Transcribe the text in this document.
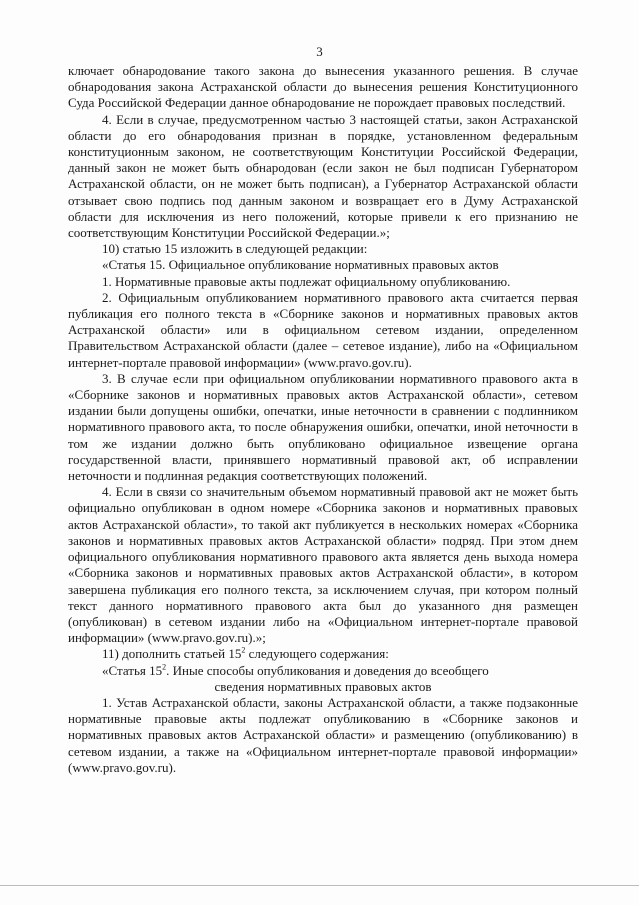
3

ключает обнародование такого закона до вынесения указанного решения. В случае обнародования закона Астраханской области до вынесения решения Конституционного Суда Российской Федерации данное обнародование не порождает правовых последствий.

4. Если в случае, предусмотренном частью 3 настоящей статьи, закон Астраханской области до его обнародования признан в порядке, установленном федеральным конституционным законом, не соответствующим Конституции Российской Федерации, данный закон не может быть обнародован (если закон не был подписан Губернатором Астраханской области, он не может быть подписан), а Губернатор Астраханской области отзывает свою подпись под данным законом и возвращает его в Думу Астраханской области для исключения из него положений, которые привели к его признанию не соответствующим Конституции Российской Федерации.»;

10) статью 15 изложить в следующей редакции:

«Статья 15. Официальное опубликование нормативных правовых актов

1. Нормативные правовые акты подлежат официальному опубликованию.

2. Официальным опубликованием нормативного правового акта считается первая публикация его полного текста в «Сборнике законов и нормативных правовых актов Астраханской области» или в официальном сетевом издании, определенном Правительством Астраханской области (далее – сетевое издание), либо на «Официальном интернет-портале правовой информации» (www.pravo.gov.ru).

3. В случае если при официальном опубликовании нормативного правового акта в «Сборнике законов и нормативных правовых актов Астраханской области», сетевом издании были допущены ошибки, опечатки, иные неточности в сравнении с подлинником нормативного правового акта, то после обнаружения ошибки, опечатки, иной неточности в том же издании должно быть опубликовано официальное извещение органа государственной власти, принявшего нормативный правовой акт, об исправлении неточности и подлинная редакция соответствующих положений.

4. Если в связи со значительным объемом нормативный правовой акт не может быть официально опубликован в одном номере «Сборника законов и нормативных правовых актов Астраханской области», то такой акт публикуется в нескольких номерах «Сборника законов и нормативных правовых актов Астраханской области» подряд. При этом днем официального опубликования нормативного правового акта является день выхода номера «Сборника законов и нормативных правовых актов Астраханской области», в котором завершена публикация его полного текста, за исключением случая, при котором полный текст данного нормативного правового акта был до указанного дня размещен (опубликован) в сетевом издании либо на «Официальном интернет-портале правовой информации» (www.pravo.gov.ru).»;

11) дополнить статьей $15^2$ следующего содержания:

«Статья $15^2$. Иные способы опубликования и доведения до всеобщего

сведения нормативных правовых актов

1. Устав Астраханской области, законы Астраханской области, а также подзаконные нормативные правовые акты подлежат опубликованию в «Сборнике законов и нормативных правовых актов Астраханской области» и размещению (опубликованию) в сетевом издании, а также на «Официальном интернет-портале правовой информации» (www.pravo.gov.ru).
